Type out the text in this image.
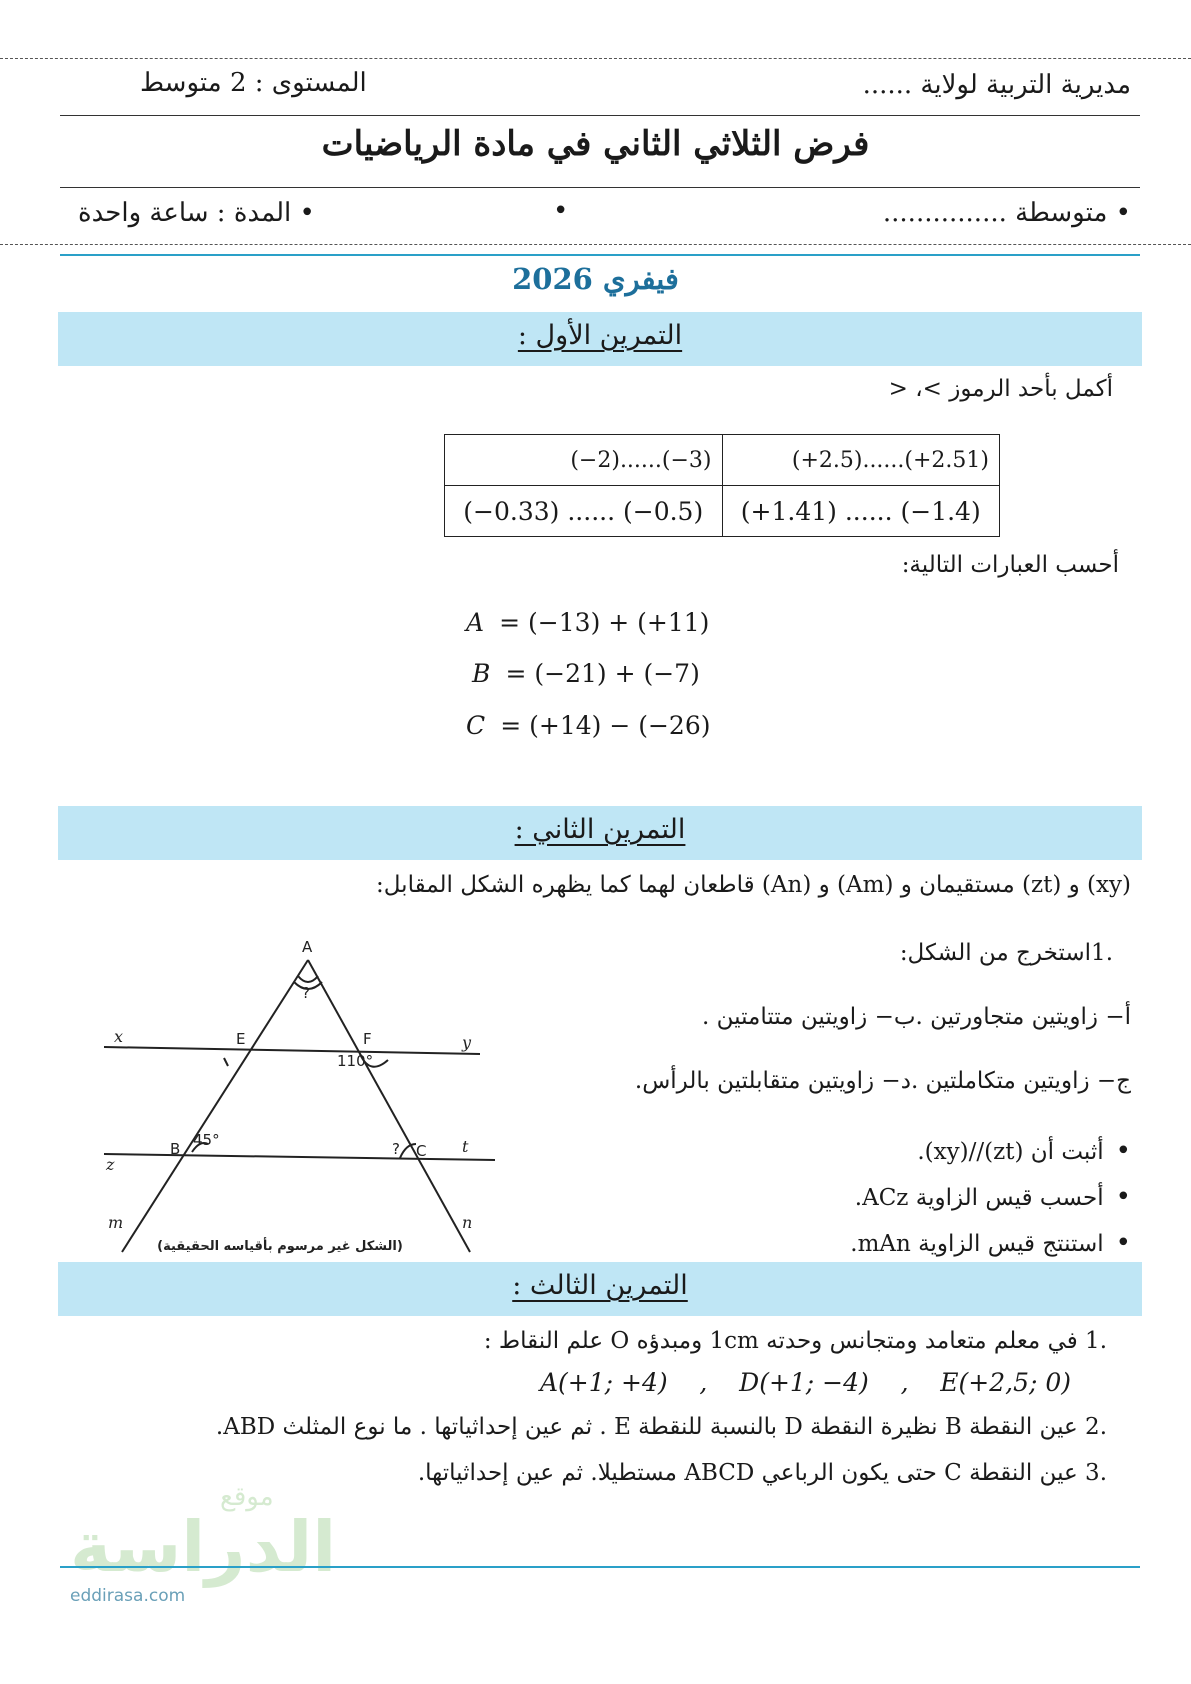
مديرية التربية لولاية ......
المستوى : 2 متوسط
فرض الثلاثي الثاني في مادة الرياضيات
• متوسطة ...............
•
• المدة : ساعة واحدة
فيفري 2026
التمرين الأول :
أكمل بأحد الرموز >، <
(−2)......(−3)	(+2.5)......(+2.51)
(−0.33) ...... (−0.5)	(+1.41) ...... (−1.4)
أحسب العبارات التالية:
A = (−13) + (+11)
B = (−21) + (−7)
C = (+14) − (−26)
التمرين الثاني :
(xy) و (zt) مستقيمان و (Am) و (An) قاطعان لهما كما يظهره الشكل المقابل:
.1استخرج من الشكل:
أ− زاويتين متجاورتين .ب− زاويتين متتامتين .
ج− زاويتين متكاملتين .د− زاويتين متقابلتين بالرأس.
• أثبت أن (zt)//(xy).
• أحسب قيس الزاوية ACz.
• استنتج قيس الزاوية mAn.
A
E	F
B	C
110°
45°
?
?
x	y
z
t
m	n
(الشكل غير مرسوم بأقياسه الحقيقية)
التمرين الثالث :
.1 في معلم متعامد ومتجانس وحدته 1cm ومبدؤه O علم النقاط :
A(+1; +4)    ,    D(+1; −4)    ,    E(+2,5; 0)
.2 عين النقطة B نظيرة النقطة D بالنسبة للنقطة E . ثم عين إحداثياتها . ما نوع المثلث ABD.
.3 عين النقطة C حتى يكون الرباعي ABCD مستطيلا. ثم عين إحداثياتها.
موقع
الدراسة
eddirasa.com
